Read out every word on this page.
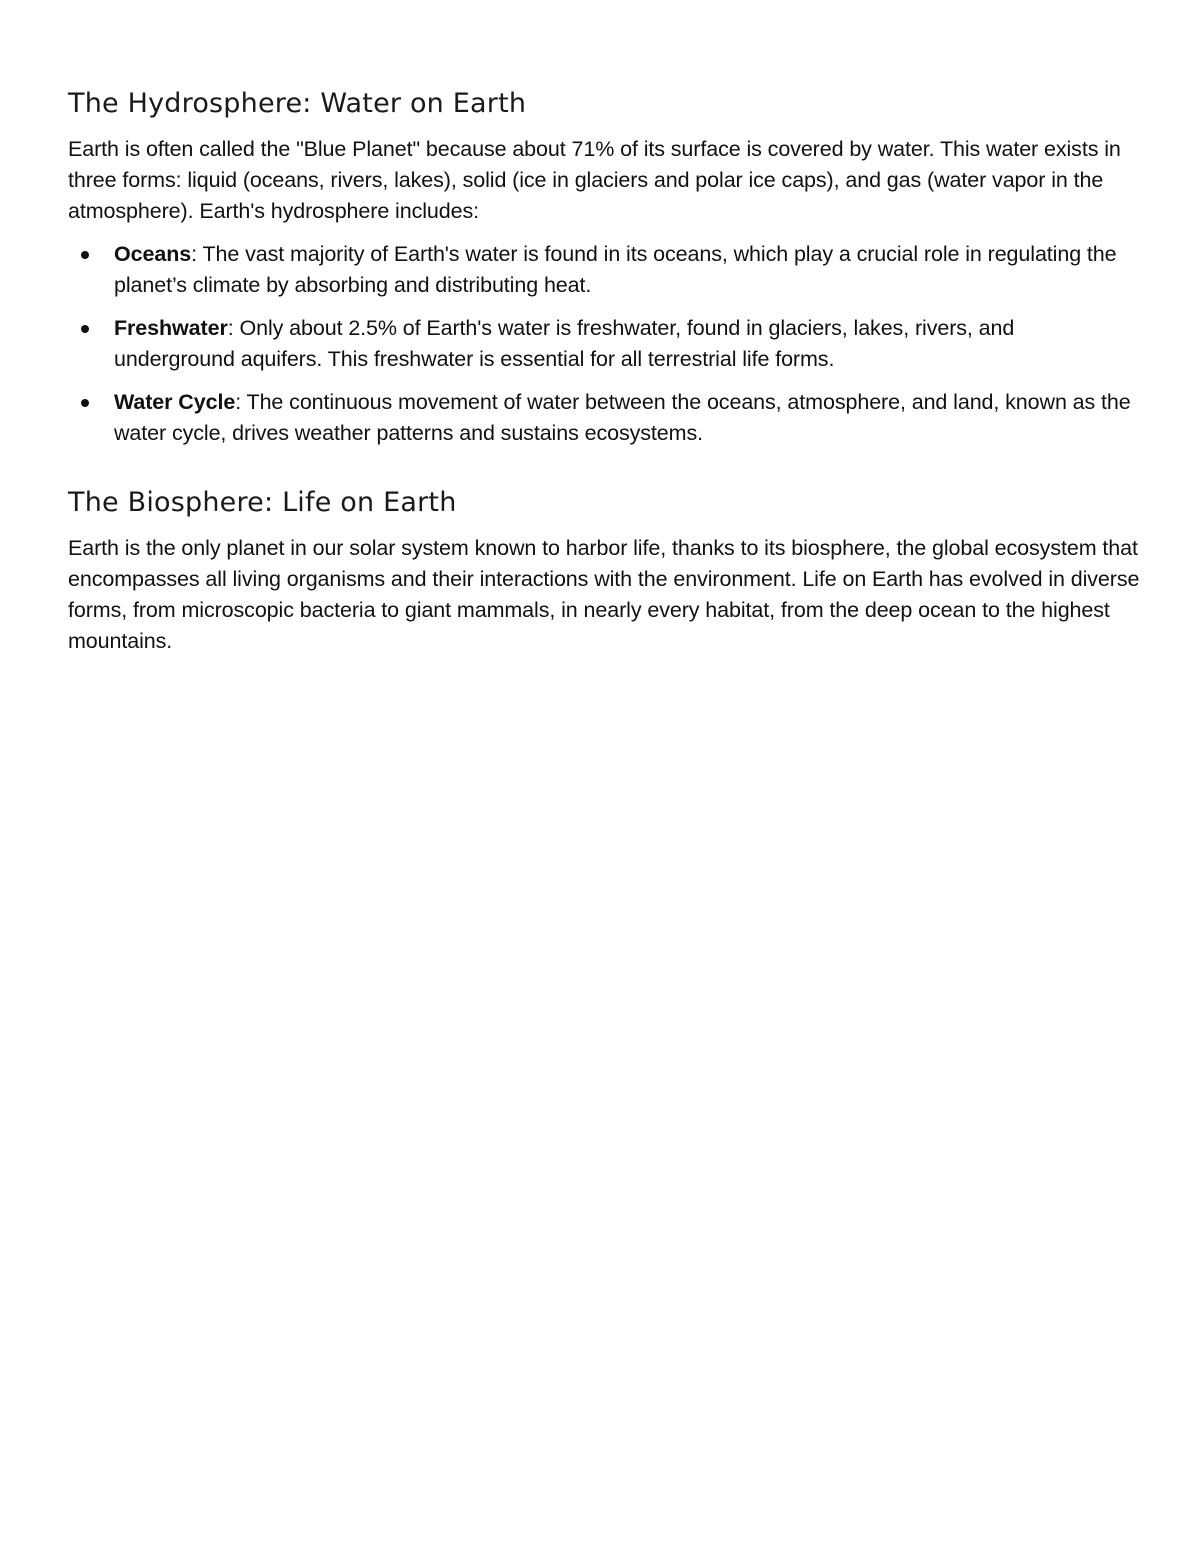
The Hydrosphere: Water on Earth

Earth is often called the "Blue Planet" because about 71% of its surface is covered by water. This water exists in three forms: liquid (oceans, rivers, lakes), solid (ice in glaciers and polar ice caps), and gas (water vapor in the atmosphere). Earth's hydrosphere includes:

Oceans: The vast majority of Earth's water is found in its oceans, which play a crucial role in regulating the planet’s climate by absorbing and distributing heat.
Freshwater: Only about 2.5% of Earth's water is freshwater, found in glaciers, lakes, rivers, and underground aquifers. This freshwater is essential for all terrestrial life forms.
Water Cycle: The continuous movement of water between the oceans, atmosphere, and land, known as the water cycle, drives weather patterns and sustains ecosystems.
The Biosphere: Life on Earth

Earth is the only planet in our solar system known to harbor life, thanks to its biosphere, the global ecosystem that encompasses all living organisms and their interactions with the environment. Life on Earth has evolved in diverse forms, from microscopic bacteria to giant mammals, in nearly every habitat, from the deep ocean to the highest mountains.
